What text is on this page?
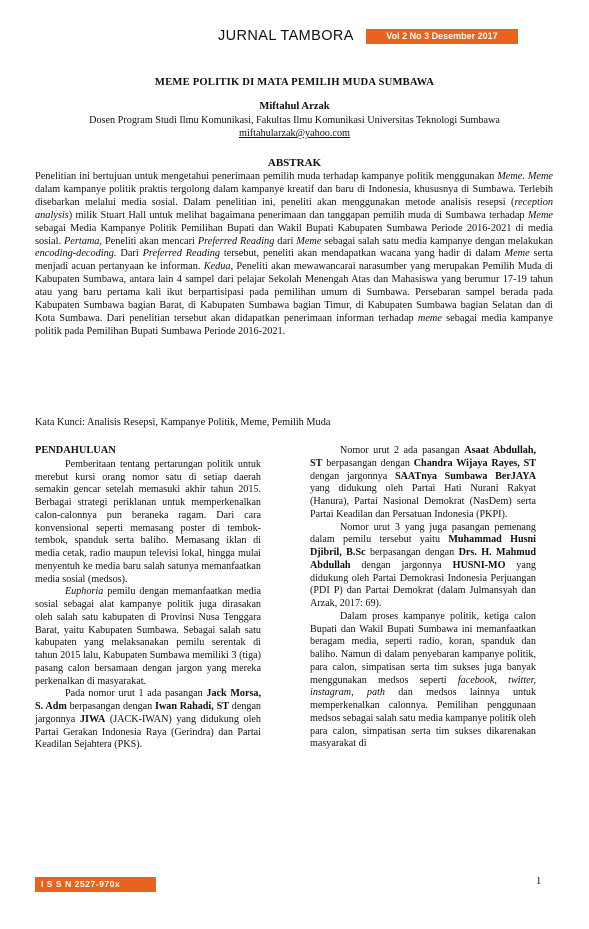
JURNAL TAMBORA	Vol 2 No 3 Desember 2017
MEME POLITIK DI MATA PEMILIH MUDA SUMBAWA
Miftahul Arzak
Dosen Program Studi Ilmu Komunikasi, Fakultas Ilmu Komunikasi Universitas Teknologi Sumbawa
miftahularzak@yahoo.com
ABSTRAK
Penelitian ini bertujuan untuk mengetahui penerimaan pemilih muda terhadap kampanye politik menggunakan Meme. Meme dalam kampanye politik praktis tergolong dalam kampanye kreatif dan baru di Indonesia, khususnya di Sumbawa. Terlebih disebarkan melalui media sosial. Dalam penelitian ini, peneliti akan menggunakan metode analisis resepsi (reception analysis) milik Stuart Hall untuk melihat bagaimana penerimaan dan tanggapan pemilih muda di Sumbawa terhadap Meme sebagai Media Kampanye Politik Pemilihan Bupati dan Wakil Bupati Kabupaten Sumbawa Periode 2016-2021 di media sosial. Pertama, Peneliti akan mencari Preferred Reading dari Meme sebagai salah satu media kampanye dengan melakukan encoding-decoding. Dari Preferred Reading tersebut, peneliti akan mendapatkan wacana yang hadir di dalam Meme serta menjadi acuan pertanyaan ke informan. Kedua, Peneliti akan mewawancarai narasumber yang merupakan Pemilih Muda di Kabupaten Sumbawa, antara lain 4 sampel dari pelajar Sekolah Menengah Atas dan Mahasiswa yang berumur 17-19 tahun atau yang baru pertama kali ikut berpartisipasi pada pemilihan umum di Sumbawa. Persebaran sampel berada pada Kabupaten Sumbawa bagian Barat, di Kabupaten Sumbawa bagian Timur, di Kabupaten Sumbawa bagian Selatan dan di Kota Sumbawa. Dari penelitian tersebut akan didapatkan penerimaan informan terhadap meme sebagai media kampanye politik pada Pemilihan Bupati Sumbawa Periode 2016-2021.
Kata Kunci: Analisis Resepsi, Kampanye Politik, Meme, Pemilih Muda
PENDAHULUAN

Pemberitaan tentang pertarungan politik untuk merebut kursi orang nomor satu di setiap daerah semakin gencar setelah memasuki akhir tahun 2015. Berbagai strategi periklanan untuk memperkenalkan calon-calonnya pun beraneka ragam. Dari cara konvensional seperti memasang poster di tembok-tembok, spanduk serta baliho. Memasang iklan di media cetak, radio maupun televisi lokal, hingga mulai menyentuh ke media baru salah satunya memanfaatkan media sosial (medsos).

Euphoria pemilu dengan memanfaatkan media sosial sebagai alat kampanye politik juga dirasakan oleh salah satu kabupaten di Provinsi Nusa Tenggara Barat, yaitu Kabupaten Sumbawa. Sebagai salah satu kabupaten yang melaksanakan pemilu serentak di tahun 2015 lalu, Kabupaten Sumbawa memiliki 3 (tiga) pasang calon bersamaan dengan jargon yang mereka perkenalkan di masyarakat.

Pada nomor urut 1 ada pasangan Jack Morsa, S. Adm berpasangan dengan Iwan Rahadi, ST dengan jargonnya JIWA (JACK-IWAN) yang didukung oleh Partai Gerakan Indonesia Raya (Gerindra) dan Partai Keadilan Sejahtera (PKS).

Nomor urut 2 ada pasangan Asaat Abdullah, ST berpasangan dengan Chandra Wijaya Rayes, ST dengan jargonnya SAATnya Sumbawa BerJAYA yang didukung oleh Partai Hati Nurani Rakyat (Hanura), Partai Nasional Demokrat (NasDem) serta Partai Keadilan dan Persatuan Indonesia (PKPI).

Nomor urut 3 yang juga pasangan pemenang dalam pemilu tersebut yaitu Muhammad Husni Djibril, B.Sc berpasangan dengan Drs. H. Mahmud Abdullah dengan jargonnya HUSNI-MO yang didukung oleh Partai Demokrasi Indonesia Perjuangan (PDI P) dan Partai Demokrat (dalam Julmansyah dan Arzak, 2017: 69).

Dalam proses kampanye politik, ketiga calon Bupati dan Wakil Bupati Sumbawa ini memanfaatkan beragam media, seperti radio, koran, spanduk dan baliho. Namun di dalam penyebaran kampanye politik, para calon, simpatisan serta tim sukses juga banyak menggunakan medsos seperti facebook, twitter, instagram, path dan medsos lainnya untuk memperkenalkan calonnya. Pemilihan penggunaan medsos sebagai salah satu media kampanye politik oleh para calon, simpatisan serta tim sukses dikarenakan masyarakat di

I S S N 2527-970x	1
